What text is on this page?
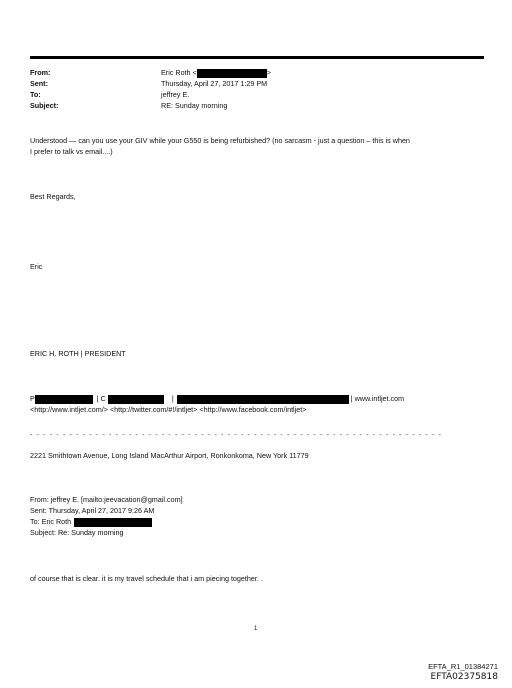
From:	Eric Roth <	>
Sent:	Thursday, April 27, 2017 1:29 PM
To:	jeffrey E.
Subject:	RE: Sunday morning
Understood — can you use your GIV while your G550 is being refurbished? (no sarcasm - just a question – this is when
I prefer to talk vs email....)
Best Regards,
Eric
ERIC H. ROTH | PRESIDENT
P	| C	|	| www.intljet.com
<http://www.intljet.com/> <http://twitter.com/#!/intljet> <http://www.facebook.com/intljet>
- - - - - - - - - - - - - - - - - - - - - - - - - - - - - - - - - - - - - - - - - - - - - - - - - - - - - - - - - - - - - - -
2221 Smithtown Avenue, Long Island MacArthur Airport, Ronkonkoma, New York 11779
From: jeffrey E. [mailto:jeevacation@gmail.com]
Sent: Thursday, April 27, 2017 9:26 AM
To: Eric Roth
Subject: Re: Sunday morning
of course that is clear. it is my travel schedule that i am piecing together. .
1
EFTA_R1_01384271
EFTA02375818
